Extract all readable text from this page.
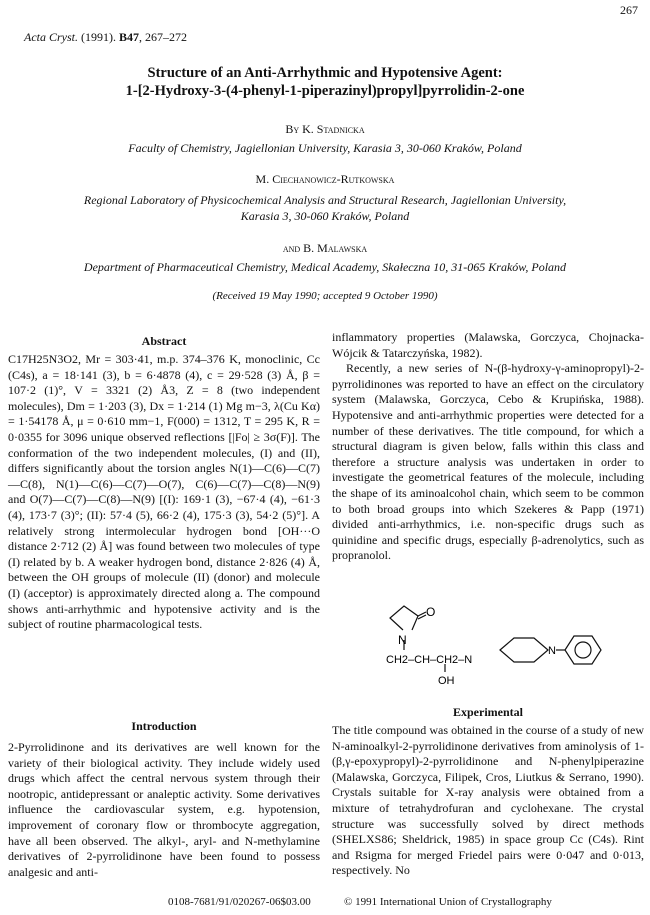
267
Acta Cryst. (1991). B47, 267–272
Structure of an Anti-Arrhythmic and Hypotensive Agent:
1-[2-Hydroxy-3-(4-phenyl-1-piperazinyl)propyl]pyrrolidin-2-one
By K. Stadnicka
Faculty of Chemistry, Jagiellonian University, Karasia 3, 30-060 Kraków, Poland
M. Ciechanowicz-Rutkowska
Regional Laboratory of Physicochemical Analysis and Structural Research, Jagiellonian University,
Karasia 3, 30-060 Kraków, Poland
and B. Malawska
Department of Pharmaceutical Chemistry, Medical Academy, Skałeczna 10, 31-065 Kraków, Poland
(Received 19 May 1990; accepted 9 October 1990)
Abstract

C17H25N3O2, Mr = 303·41, m.p. 374–376 K, monoclinic, Cc (C4s), a = 18·141 (3), b = 6·4878 (4), c = 29·528 (3) Å, β = 107·2 (1)°, V = 3321 (2) Å3, Z = 8 (two independent molecules), Dm = 1·203 (3), Dx = 1·214 (1) Mg m−3, λ(Cu Kα) = 1·54178 Å, μ = 0·610 mm−1, F(000) = 1312, T = 295 K, R = 0·0355 for 3096 unique observed reflections [|Fo| ≥ 3σ(F)]. The conformation of the two independent molecules, (I) and (II), differs significantly about the torsion angles N(1)—C(6)—C(7)—C(8), N(1)—C(6)—C(7)—O(7), C(6)—C(7)—C(8)—N(9) and O(7)—C(7)—C(8)—N(9) [(I): 169·1 (3), −67·4 (4), −61·3 (4), 173·7 (3)°; (II): 57·4 (5), 66·2 (4), 175·3 (3), 54·2 (5)°]. A relatively strong intermolecular hydrogen bond [OH···O distance 2·712 (2) Å] was found between two molecules of type (I) related by b. A weaker hydrogen bond, distance 2·826 (4) Å, between the OH groups of molecule (II) (donor) and molecule (I) (acceptor) is approximately directed along a. The compound shows anti-arrhythmic and hypotensive activity and is the subject of routine pharmacological tests.

Introduction

2-Pyrrolidinone and its derivatives are well known for the variety of their biological activity. They include widely used drugs which affect the central nervous system through their nootropic, antidepressant or analeptic activity. Some derivatives influence the cardiovascular system, e.g. hypotension, improvement of coronary flow or thrombocyte aggregation, have all been observed. The alkyl-, aryl- and N-methylamine derivatives of 2-pyrrolidinone have been found to possess analgesic and anti-

inflammatory properties (Malawska, Gorczyca, Chojnacka-Wójcik & Tatarczyńska, 1982).

Recently, a new series of N-(β-hydroxy-γ-aminopropyl)-2-pyrrolidinones was reported to have an effect on the circulatory system (Malawska, Gorczyca, Cebo & Krupińska, 1988). Hypotensive and anti-arrhythmic properties were detected for a number of these derivatives. The title compound, for which a structural diagram is given below, falls within this class and therefore a structure analysis was undertaken in order to investigate the geometrical features of the molecule, including the shape of its aminoalcohol chain, which seem to be common to both broad groups into which Szekeres & Papp (1971) divided anti-arrhythmics, i.e. non-specific drugs such as quinidine and specific drugs, especially β-adrenolytics, such as propranolol.

N
O
CH2–CH–CH2–N
OH
N
Experimental

The title compound was obtained in the course of a study of new N-aminoalkyl-2-pyrrolidinone derivatives from aminolysis of 1-(β,γ-epoxypropyl)-2-pyrrolidinone and N-phenylpiperazine (Malawska, Gorczyca, Filipek, Cros, Liutkus & Serrano, 1990). Crystals suitable for X-ray analysis were obtained from a mixture of tetrahydrofuran and cyclohexane. The crystal structure was successfully solved by direct methods (SHELXS86; Sheldrick, 1985) in space group Cc (C4s). Rint and Rsigma for merged Friedel pairs were 0·047 and 0·013, respectively. No

0108-7681/91/020267-06$03.00	© 1991 International Union of Crystallography
